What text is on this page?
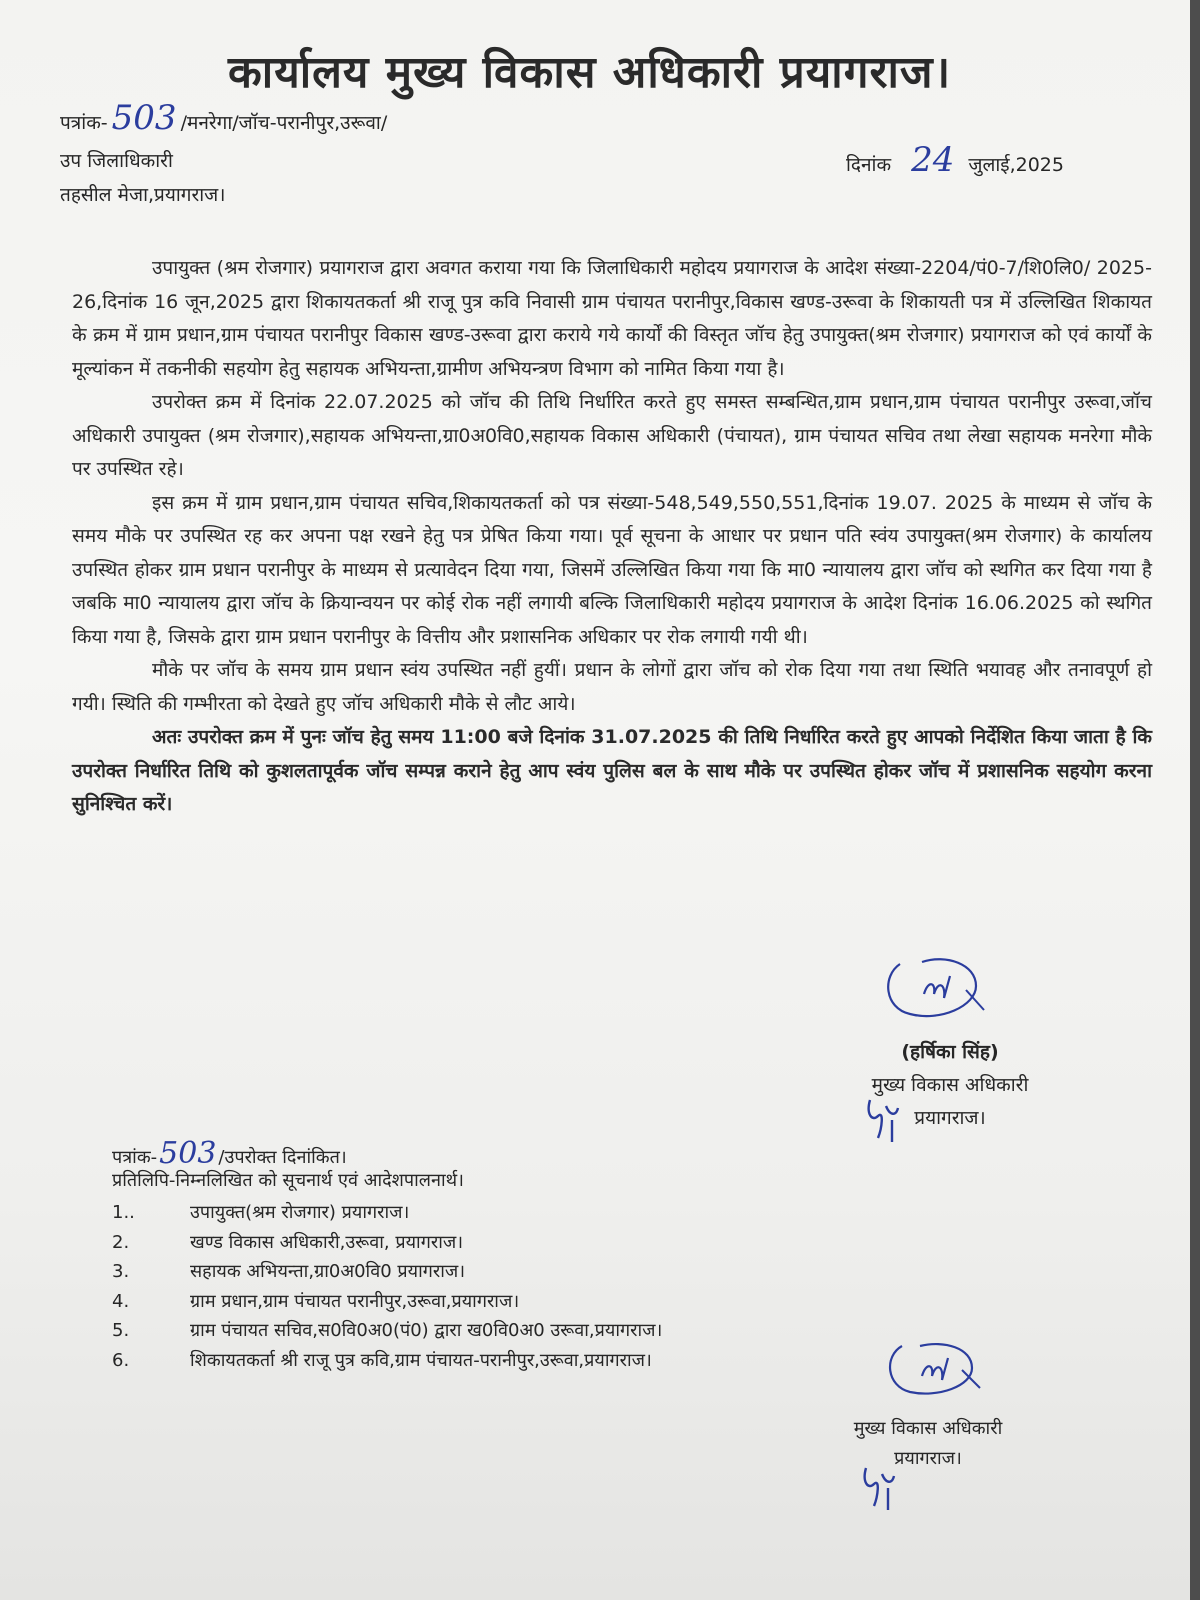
कार्यालय मुख्य विकास अधिकारी प्रयागराज।
पत्रांक- 503 /मनरेगा/जॉच-परानीपुर,उरूवा/
दिनांक 24 जुलाई,2025
उप जिलाधिकारी
तहसील मेजा,प्रयागराज।

उपायुक्त (श्रम रोजगार) प्रयागराज द्वारा अवगत कराया गया कि जिलाधिकारी महोदय प्रयागराज के आदेश संख्या-2204/पं0-7/शि0लि0/ 2025-26,दिनांक 16 जून,2025 द्वारा शिकायतकर्ता श्री राजू पुत्र कवि निवासी ग्राम पंचायत परानीपुर,विकास खण्ड-उरूवा के शिकायती पत्र में उल्लिखित शिकायत के क्रम में ग्राम प्रधान,ग्राम पंचायत परानीपुर विकास खण्ड-उरूवा द्वारा कराये गये कार्यों की विस्तृत जॉच हेतु उपायुक्त(श्रम रोजगार) प्रयागराज को एवं कार्यों के मूल्यांकन में तकनीकी सहयोग हेतु सहायक अभियन्ता,ग्रामीण अभियन्त्रण विभाग को नामित किया गया है।

उपरोक्त क्रम में दिनांक 22.07.2025 को जॉच की तिथि निर्धारित करते हुए समस्त सम्बन्धित,ग्राम प्रधान,ग्राम पंचायत परानीपुर उरूवा,जॉच अधिकारी उपायुक्त (श्रम रोजगार),सहायक अभियन्ता,ग्रा0अ0वि0,सहायक विकास अधिकारी (पंचायत), ग्राम पंचायत सचिव तथा लेखा सहायक मनरेगा मौके पर उपस्थित रहे।

इस क्रम में ग्राम प्रधान,ग्राम पंचायत सचिव,शिकायतकर्ता को पत्र संख्या-548,549,550,551,दिनांक 19.07. 2025 के माध्यम से जॉच के समय मौके पर उपस्थित रह कर अपना पक्ष रखने हेतु पत्र प्रेषित किया गया। पूर्व सूचना के आधार पर प्रधान पति स्वंय उपायुक्त(श्रम रोजगार) के कार्यालय उपस्थित होकर ग्राम प्रधान परानीपुर के माध्यम से प्रत्यावेदन दिया गया, जिसमें उल्लिखित किया गया कि मा0 न्यायालय द्वारा जॉच को स्थगित कर दिया गया है जबकि मा0 न्यायालय द्वारा जॉच के क्रियान्वयन पर कोई रोक नहीं लगायी बल्कि जिलाधिकारी महोदय प्रयागराज के आदेश दिनांक 16.06.2025 को स्थगित किया गया है, जिसके द्वारा ग्राम प्रधान परानीपुर के वित्तीय और प्रशासनिक अधिकार पर रोक लगायी गयी थी।

मौके पर जॉच के समय ग्राम प्रधान स्वंय उपस्थित नहीं हुयीं। प्रधान के लोगों द्वारा जॉच को रोक दिया गया तथा स्थिति भयावह और तनावपूर्ण हो गयी। स्थिति की गम्भीरता को देखते हुए जॉच अधिकारी मौके से लौट आये।

अतः उपरोक्त क्रम में पुनः जॉच हेतु समय 11:00 बजे दिनांक 31.07.2025 की तिथि निर्धारित करते हुए आपको निर्देशित किया जाता है कि उपरोक्त निर्धारित तिथि को कुशलतापूर्वक जॉच सम्पन्न कराने हेतु आप स्वंय पुलिस बल के साथ मौके पर उपस्थित होकर जॉच में प्रशासनिक सहयोग करना सुनिश्चित करें।

(हर्षिका सिंह)
मुख्य विकास अधिकारी
प्रयागराज।
पत्रांक-503 /उपरोक्त दिनांकित।
प्रतिलिपि-निम्नलिखित को सूचनार्थ एवं आदेशपालनार्थ।
1..	उपायुक्त(श्रम रोजगार) प्रयागराज।
2.	खण्ड विकास अधिकारी,उरूवा, प्रयागराज।
3.	सहायक अभियन्ता,ग्रा0अ0वि0 प्रयागराज।
4.	ग्राम प्रधान,ग्राम पंचायत परानीपुर,उरूवा,प्रयागराज।
5.	ग्राम पंचायत सचिव,स0वि0अ0(पं0) द्वारा ख0वि0अ0 उरूवा,प्रयागराज।
6.	शिकायतकर्ता श्री राजू पुत्र कवि,ग्राम पंचायत-परानीपुर,उरूवा,प्रयागराज।
मुख्य विकास अधिकारी
प्रयागराज।
